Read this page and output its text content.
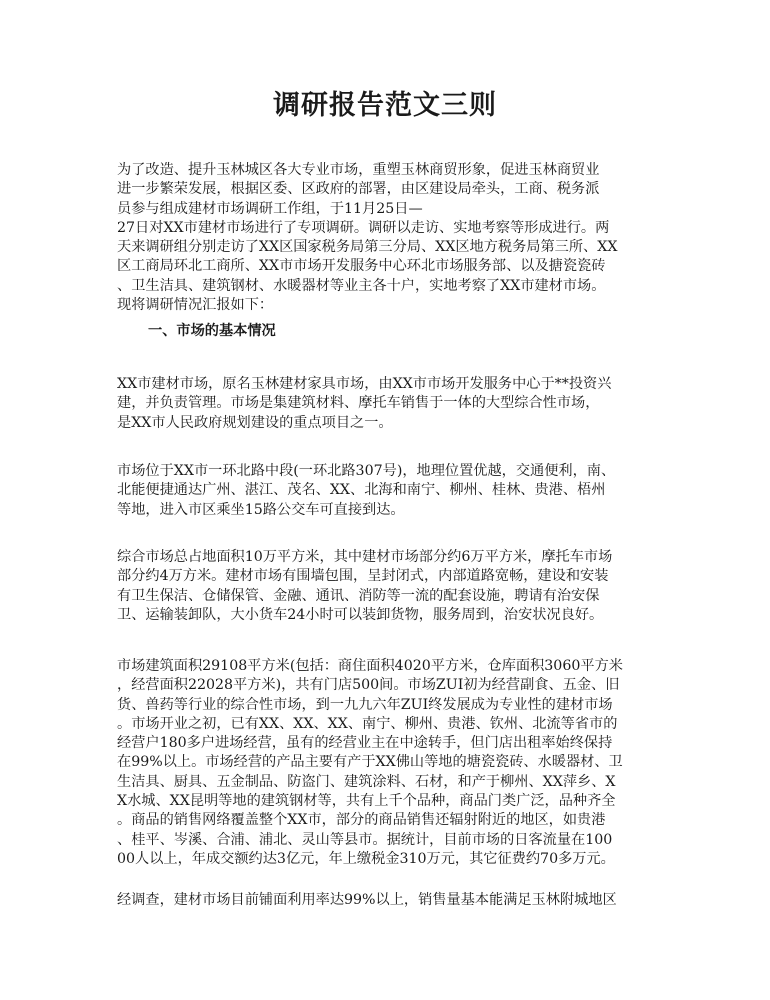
调研报告范文三则

为了改造、提升玉林城区各大专业市场，重塑玉林商贸形象，促进玉林商贸业
进一步繁荣发展，根据区委、区政府的部署，由区建设局牵头，工商、税务派
员参与组成建材市场调研工作组，于11月25日—
27日对XX市建材市场进行了专项调研。调研以走访、实地考察等形成进行。两
天来调研组分别走访了XX区国家税务局第三分局、XX区地方税务局第三所、XX
区工商局环北工商所、XX市市场开发服务中心环北市场服务部、以及搪瓷瓷砖
、卫生洁具、建筑钢材、水暖器材等业主各十户，实地考察了XX市建材市场。
现将调研情况汇报如下：

一、市场的基本情况

XX市建材市场，原名玉林建材家具市场，由XX市市场开发服务中心于**投资兴
建，并负责管理。市场是集建筑材料、摩托车销售于一体的大型综合性市场，
是XX市人民政府规划建设的重点项目之一。

市场位于XX市一环北路中段(一环北路307号)，地理位置优越，交通便利，南、
北能便捷通达广州、湛江、茂名、XX、北海和南宁、柳州、桂林、贵港、梧州
等地，进入市区乘坐15路公交车可直接到达。

综合市场总占地面积10万平方米，其中建材市场部分约6万平方米，摩托车市场
部分约4万方米。建材市场有围墙包围，呈封闭式，内部道路宽畅，建设和安装
有卫生保洁、仓储保管、金融、通讯、消防等一流的配套设施，聘请有治安保
卫、运输装卸队，大小货车24小时可以装卸货物，服务周到，治安状况良好。

市场建筑面积29108平方米(包括：商住面积4020平方米，仓库面积3060平方米
，经营面积22028平方米)，共有门店500间。市场ZUI初为经营副食、五金、旧
货、兽药等行业的综合性市场，到一九九六年ZUI终发展成为专业性的建材市场
。市场开业之初，已有XX、XX、XX、南宁、柳州、贵港、钦州、北流等省市的
经营户180多户进场经营，虽有的经营业主在中途转手，但门店出租率始终保持
在99%以上。市场经营的产品主要有产于XX佛山等地的塘瓷瓷砖、水暖器材、卫
生洁具、厨具、五金制品、防盗门、建筑涂料、石材，和产于柳州、XX萍乡、X
X水城、XX昆明等地的建筑钢材等，共有上千个品种，商品门类广泛，品种齐全
。商品的销售网络覆盖整个XX市，部分的商品销售还辐射附近的地区，如贵港
、桂平、岑溪、合浦、浦北、灵山等县市。据统计，目前市场的日客流量在100
00人以上，年成交额约达3亿元，年上缴税金310万元，其它征费约70多万元。

经调查，建材市场目前铺面利用率达99%以上，销售量基本能满足玉林附城地区
